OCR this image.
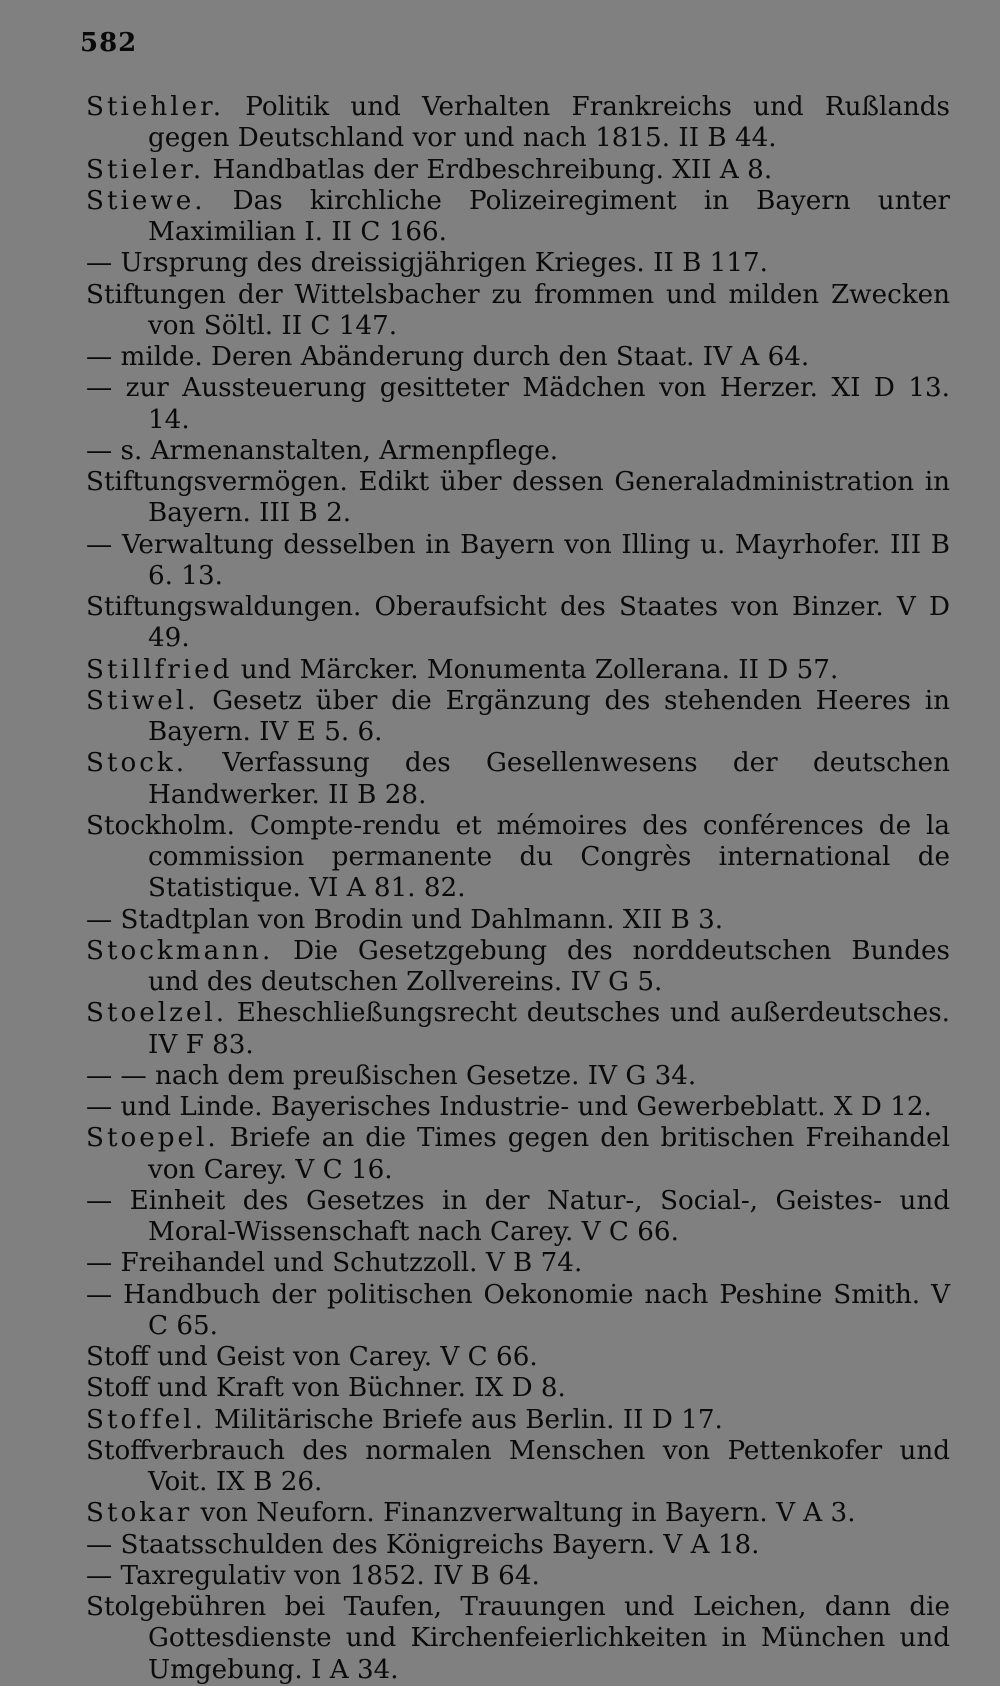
582

Stiehler. Politik und Verhalten Frankreichs und Rußlands gegen Deutschland vor und nach 1815. II B 44.

Stieler. Handbatlas der Erdbeschreibung. XII A 8.

Stiewe. Das kirchliche Polizeiregiment in Bayern unter Maximilian I. II C 166.

— Ursprung des dreissigjährigen Krieges. II B 117.

Stiftungen der Wittelsbacher zu frommen und milden Zwecken von Söltl. II C 147.

— milde. Deren Abänderung durch den Staat. IV A 64.

— zur Aussteuerung gesitteter Mädchen von Herzer. XI D 13. 14.

— s. Armenanstalten, Armenpflege.

Stiftungsvermögen. Edikt über dessen Generaladministration in Bayern. III B 2.

— Verwaltung desselben in Bayern von Illing u. Mayrhofer. III B 6. 13.

Stiftungswaldungen. Oberaufsicht des Staates von Binzer. V D 49.

Stillfried und Märcker. Monumenta Zollerana. II D 57.

Stiwel. Gesetz über die Ergänzung des stehenden Heeres in Bayern. IV E 5. 6.

Stock. Verfassung des Gesellenwesens der deutschen Handwerker. II B 28.

Stockholm. Compte-rendu et mémoires des conférences de la commission permanente du Congrès international de Statistique. VI A 81. 82.

— Stadtplan von Brodin und Dahlmann. XII B 3.

Stockmann. Die Gesetzgebung des norddeutschen Bundes und des deutschen Zollvereins. IV G 5.

Stoelzel. Eheschließungsrecht deutsches und außerdeutsches. IV F 83.

— — nach dem preußischen Gesetze. IV G 34.

— und Linde. Bayerisches Industrie- und Gewerbeblatt. X D 12.

Stoepel. Briefe an die Times gegen den britischen Freihandel von Carey. V C 16.

— Einheit des Gesetzes in der Natur-, Social-, Geistes- und Moral-Wissenschaft nach Carey. V C 66.

— Freihandel und Schutzzoll. V B 74.

— Handbuch der politischen Oekonomie nach Peshine Smith. V C 65.

Stoff und Geist von Carey. V C 66.

Stoff und Kraft von Büchner. IX D 8.

Stoffel. Militärische Briefe aus Berlin. II D 17.

Stoffverbrauch des normalen Menschen von Pettenkofer und Voit. IX B 26.

Stokar von Neuforn. Finanzverwaltung in Bayern. V A 3.

— Staatsschulden des Königreichs Bayern. V A 18.

— Taxregulativ von 1852. IV B 64.

Stolgebühren bei Taufen, Trauungen und Leichen, dann die Gottesdienste und Kirchenfeierlichkeiten in München und Umgebung. I A 34.
